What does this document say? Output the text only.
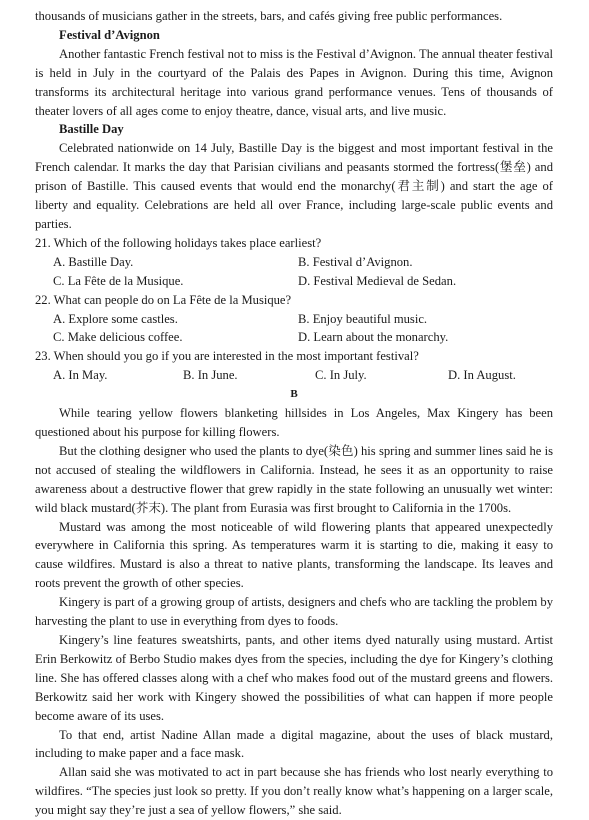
thousands of musicians gather in the streets, bars, and cafés giving free public performances.

Festival d’Avignon

Another fantastic French festival not to miss is the Festival d’Avignon. The annual theater festival is held in July in the courtyard of the Palais des Papes in Avignon. During this time, Avignon transforms its architectural heritage into various grand performance venues. Tens of thousands of theater lovers of all ages come to enjoy theatre, dance, visual arts, and live music.

Bastille Day

Celebrated nationwide on 14 July, Bastille Day is the biggest and most important festival in the French calendar. It marks the day that Parisian civilians and peasants stormed the fortress(堡垒) and prison of Bastille. This caused events that would end the monarchy(君主制) and start the age of liberty and equality. Celebrations are held all over France, including large-scale public events and parties.

21. Which of the following holidays takes place earliest?

A. Bastille Day.	B. Festival d’Avignon.
C. La Fête de la Musique.	D. Festival Medieval de Sedan.

22. What can people do on La Fête de la Musique?

A. Explore some castles.	B. Enjoy beautiful music.
C. Make delicious coffee.	D. Learn about the monarchy.

23. When should you go if you are interested in the most important festival?

A. In May.	B. In June.	C. In July.	D. In August.
B

While tearing yellow flowers blanketing hillsides in Los Angeles, Max Kingery has been questioned about his purpose for killing flowers.

But the clothing designer who used the plants to dye(染色) his spring and summer lines said he is not accused of stealing the wildflowers in California. Instead, he sees it as an opportunity to raise awareness about a destructive flower that grew rapidly in the state following an unusually wet winter: wild black mustard(芥末). The plant from Eurasia was first brought to California in the 1700s.

Mustard was among the most noticeable of wild flowering plants that appeared unexpectedly everywhere in California this spring. As temperatures warm it is starting to die, making it easy to cause wildfires. Mustard is also a threat to native plants, transforming the landscape. Its leaves and roots prevent the growth of other species.

Kingery is part of a growing group of artists, designers and chefs who are tackling the problem by harvesting the plant to use in everything from dyes to foods.

Kingery’s line features sweatshirts, pants, and other items dyed naturally using mustard. Artist Erin Berkowitz of Berbo Studio makes dyes from the species, including the dye for Kingery’s clothing line. She has offered classes along with a chef who makes food out of the mustard greens and flowers. Berkowitz said her work with Kingery showed the possibilities of what can happen if more people become aware of its uses.

To that end, artist Nadine Allan made a digital magazine, about the uses of black mustard, including to make paper and a face mask.

Allan said she was motivated to act in part because she has friends who lost nearly everything to wildfires. “The species just look so pretty. If you don’t really know what’s happening on a larger scale, you might say they’re just a sea of yellow flowers,” she said.
